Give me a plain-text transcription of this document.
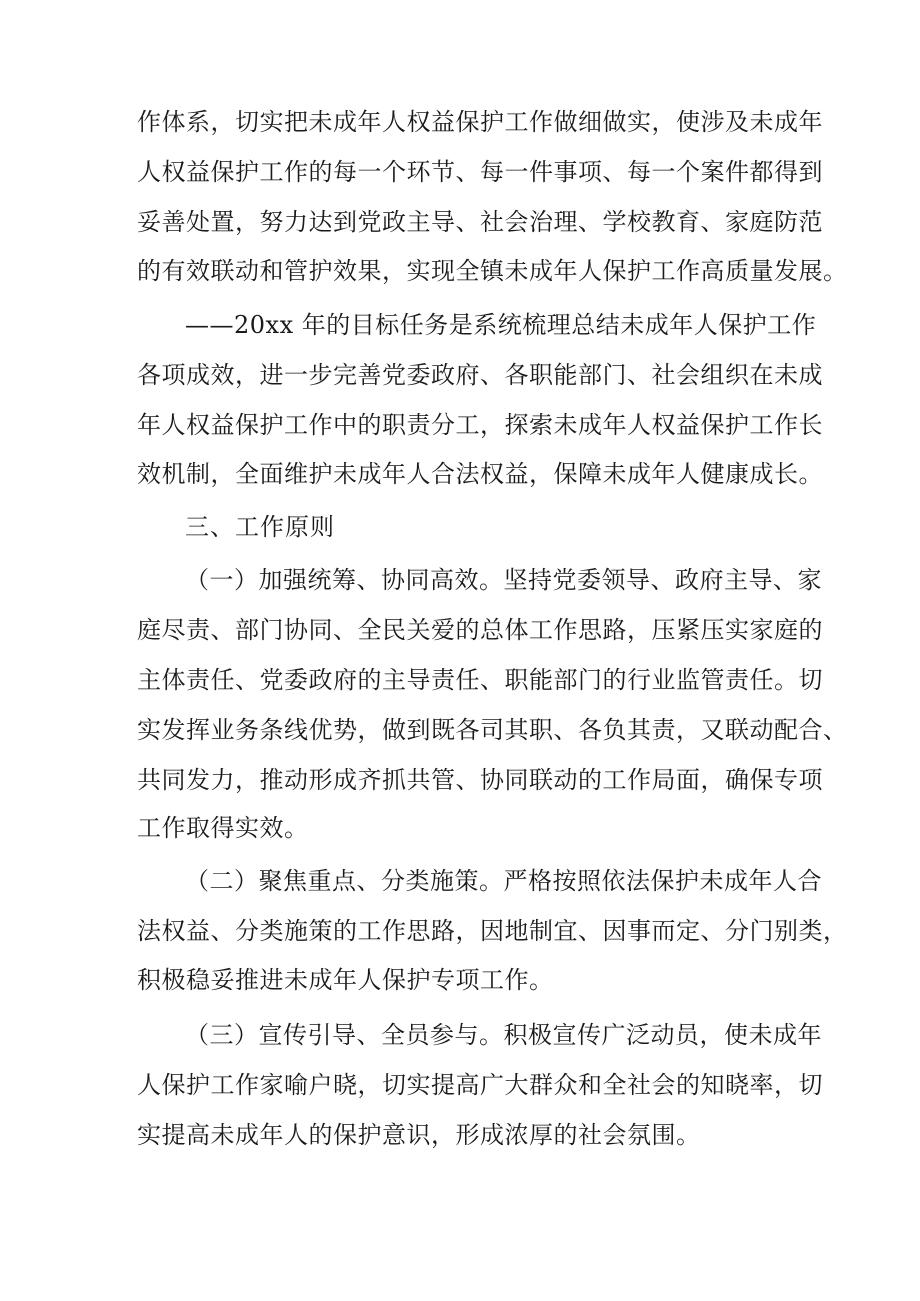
作体系，切实把未成年人权益保护工作做细做实，使涉及未成年
人权益保护工作的每一个环节、每一件事项、每一个案件都得到
妥善处置，努力达到党政主导、社会治理、学校教育、家庭防范
的有效联动和管护效果，实现全镇未成年人保护工作高质量发展。
——20xx 年的目标任务是系统梳理总结未成年人保护工作
各项成效，进一步完善党委政府、各职能部门、社会组织在未成
年人权益保护工作中的职责分工，探索未成年人权益保护工作长
效机制，全面维护未成年人合法权益，保障未成年人健康成长。
三、工作原则
（一）加强统筹、协同高效。坚持党委领导、政府主导、家
庭尽责、部门协同、全民关爱的总体工作思路，压紧压实家庭的
主体责任、党委政府的主导责任、职能部门的行业监管责任。切
实发挥业务条线优势，做到既各司其职、各负其责，又联动配合、
共同发力，推动形成齐抓共管、协同联动的工作局面，确保专项
工作取得实效。
（二）聚焦重点、分类施策。严格按照依法保护未成年人合
法权益、分类施策的工作思路，因地制宜、因事而定、分门别类，
积极稳妥推进未成年人保护专项工作。
（三）宣传引导、全员参与。积极宣传广泛动员，使未成年
人保护工作家喻户晓，切实提高广大群众和全社会的知晓率，切
实提高未成年人的保护意识，形成浓厚的社会氛围。
